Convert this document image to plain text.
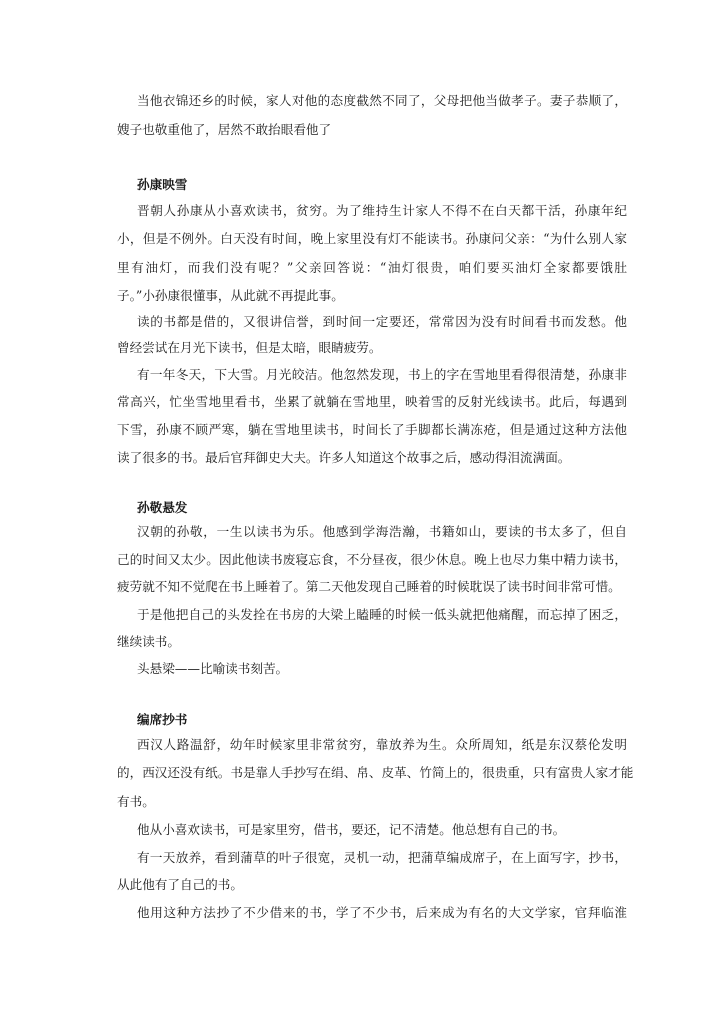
当他衣锦还乡的时候，家人对他的态度截然不同了，父母把他当做孝子。妻子恭顺了，
嫂子也敬重他了，居然不敢抬眼看他了
孙康映雪
晋朝人孙康从小喜欢读书，贫穷。为了维持生计家人不得不在白天都干活，孙康年纪
小，但是不例外。白天没有时间，晚上家里没有灯不能读书。孙康问父亲：“为什么别人家
里有油灯，而我们没有呢？”父亲回答说：“油灯很贵，咱们要买油灯全家都要饿肚
子。”小孙康很懂事，从此就不再提此事。
读的书都是借的，又很讲信誉，到时间一定要还，常常因为没有时间看书而发愁。他
曾经尝试在月光下读书，但是太暗，眼睛疲劳。
有一年冬天，下大雪。月光皎洁。他忽然发现，书上的字在雪地里看得很清楚，孙康非
常高兴，忙坐雪地里看书，坐累了就躺在雪地里，映着雪的反射光线读书。此后，每遇到
下雪，孙康不顾严寒，躺在雪地里读书，时间长了手脚都长满冻疮，但是通过这种方法他
读了很多的书。最后官拜御史大夫。许多人知道这个故事之后，感动得泪流满面。
孙敬悬发
汉朝的孙敬，一生以读书为乐。他感到学海浩瀚，书籍如山，要读的书太多了，但自
己的时间又太少。因此他读书废寝忘食，不分昼夜，很少休息。晚上也尽力集中精力读书，
疲劳就不知不觉爬在书上睡着了。第二天他发现自己睡着的时候耽误了读书时间非常可惜。
于是他把自己的头发拴在书房的大梁上瞌睡的时候一低头就把他痛醒，而忘掉了困乏，
继续读书。
头悬梁——比喻读书刻苦。
编席抄书
西汉人路温舒，幼年时候家里非常贫穷，靠放养为生。众所周知，纸是东汉蔡伦发明
的，西汉还没有纸。书是靠人手抄写在绢、帛、皮革、竹简上的，很贵重，只有富贵人家才能
有书。
他从小喜欢读书，可是家里穷，借书，要还，记不清楚。他总想有自己的书。
有一天放养，看到蒲草的叶子很宽，灵机一动，把蒲草编成席子，在上面写字，抄书，
从此他有了自己的书。
他用这种方法抄了不少借来的书，学了不少书，后来成为有名的大文学家，官拜临淮
